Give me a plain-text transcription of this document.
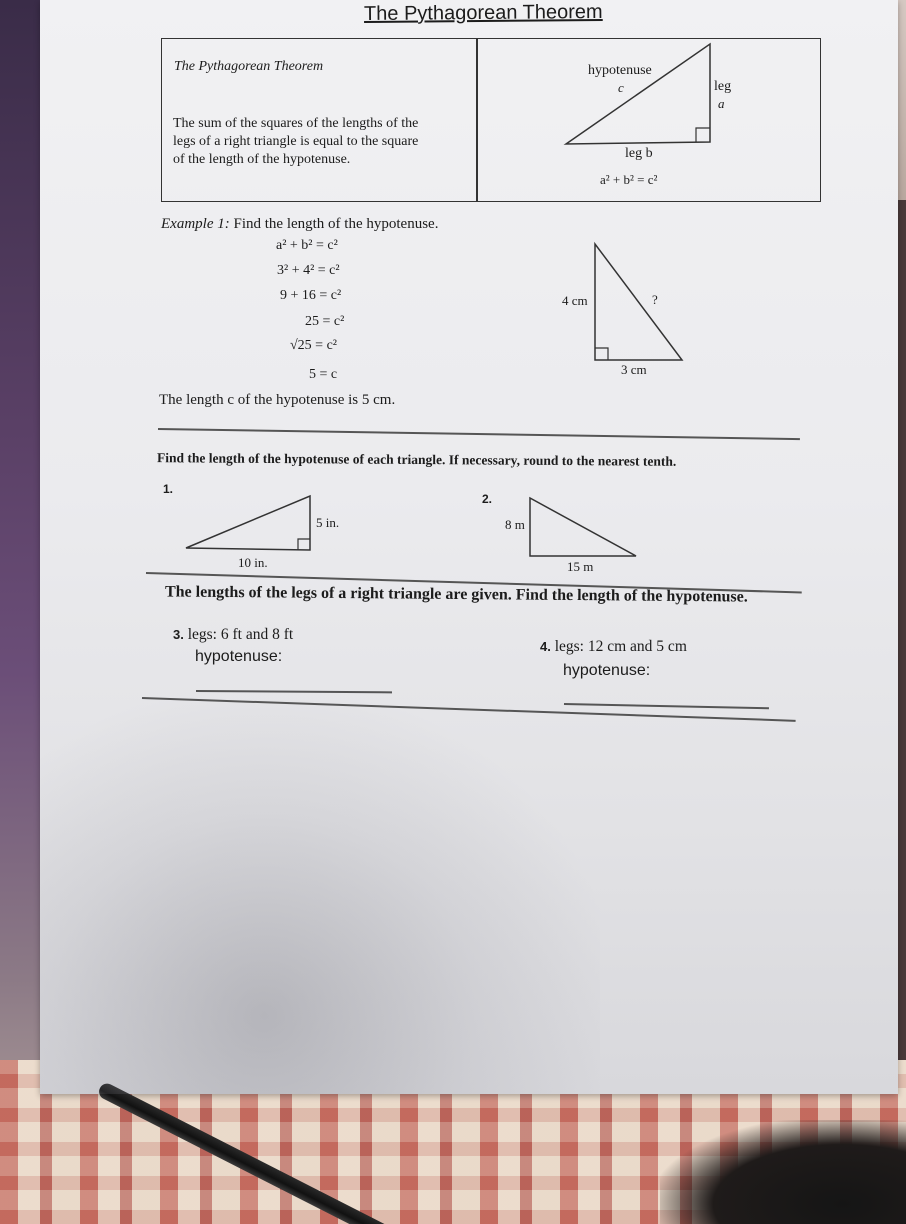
The Pythagorean Theorem
The Pythagorean Theorem
The sum of the squares of the lengths of the
legs of a right triangle is equal to the square
of the length of the hypotenuse.
hypotenuse
c	leg
a
leg b
a² + b² = c²
Example 1: Find the length of the hypotenuse.
a² + b² = c²
3² + 4² = c²
9 + 16 = c²
25 = c²
√25 = c²
5 = c
The length c of the hypotenuse is 5 cm.
4 cm	?
3 cm
Find the length of the hypotenuse of each triangle. If necessary, round to the nearest tenth.
1.
5 in.
10 in.
2.
8 m
15 m
The lengths of the legs of a right triangle are given. Find the length of the hypotenuse.
3. legs: 6 ft and 8 ft
hypotenuse:
4. legs: 12 cm and 5 cm
hypotenuse:
